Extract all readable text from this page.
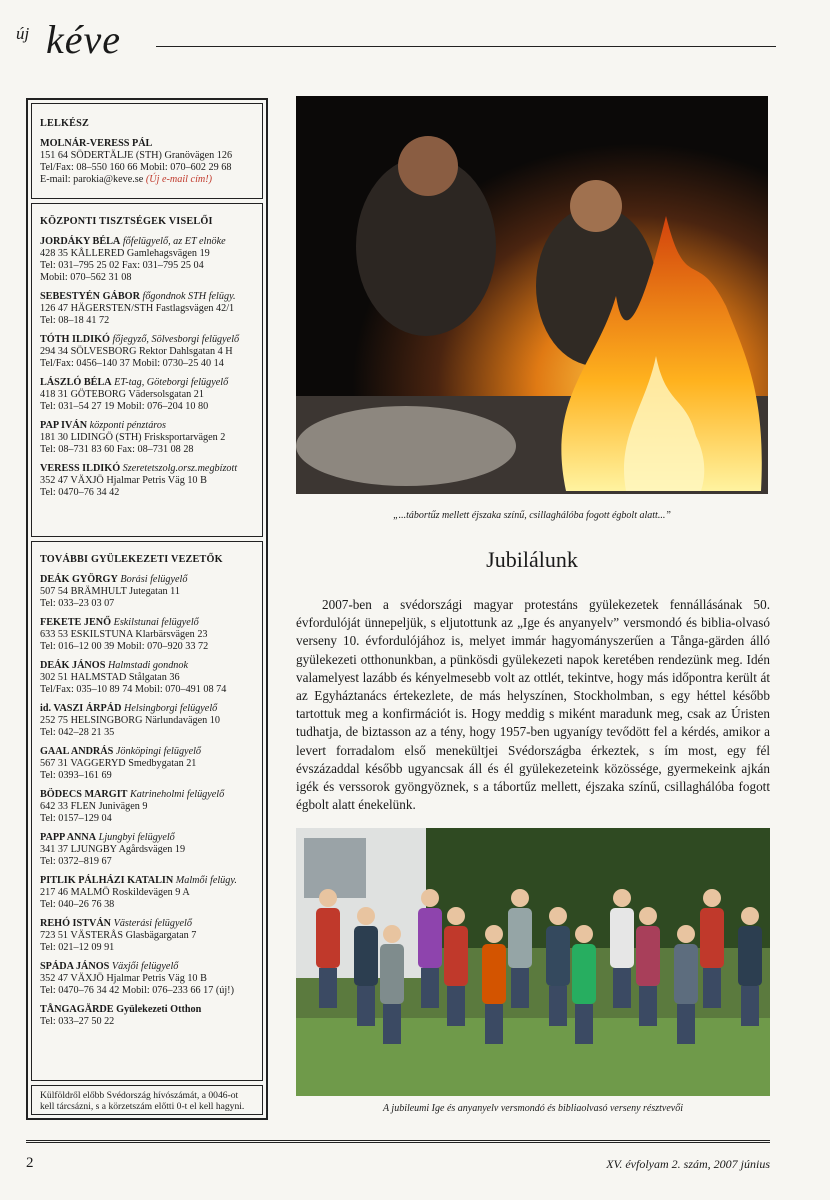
új kéve
LELKÉSZ
MOLNÁR-VERESS PÁL
151 64 SÖDERTÄLJE (STH) Granövägen 126
Tel/Fax: 08–550 160 66 Mobil: 070–602 29 68
E-mail: parokia@keve.se (Új e-mail cím!)
KÖZPONTI TISZTSÉGEK VISELŐI
JORDÁKY BÉLA főfelügyelő, az ET elnöke
428 35 KÅLLERED Gamlehagsvägen 19
Tel: 031–795 25 02 Fax: 031–795 25 04
Mobil: 070–562 31 08
SEBESTYÉN GÁBOR főgondnok STH felügy.
126 47 HÄGERSTEN/STH Fastlagsvägen 42/1
Tel: 08–18 41 72
TÓTH ILDIKÓ főjegyző, Sölvesborgi felügyelő
294 34 SÖLVESBORG Rektor Dahlsgatan 4 H
Tel/Fax: 0456–140 37 Mobil: 0730–25 40 14
LÁSZLÓ BÉLA ET-tag, Göteborgi felügyelő
418 31 GÖTEBORG Vädersolsgatan 21
Tel: 031–54 27 19 Mobil: 076–204 10 80
PAP IVÁN központi pénztáros
181 30 LIDINGÖ (STH) Frisksportarvägen 2
Tel: 08–731 83 60 Fax: 08–731 08 28
VERESS ILDIKÓ Szeretetszolg.orsz.megbízott
352 47 VÄXJÖ Hjalmar Petris Väg 10 B
Tel: 0470–76 34 42
TOVÁBBI GYÜLEKEZETI VEZETŐK
DEÁK GYÖRGY Borási felügyelő
507 54 BRÄMHULT Jutegatan 11
Tel: 033–23 03 07
FEKETE JENŐ Eskilstunai felügyelő
633 53 ESKILSTUNA Klarbärsvägen 23
Tel: 016–12 00 39 Mobil: 070–920 33 72
DEÁK JÁNOS Halmstadi gondnok
302 51 HALMSTAD Stålgatan 36
Tel/Fax: 035–10 89 74 Mobil: 070–491 08 74
id. VASZI ÁRPÁD Helsingborgi felügyelő
252 75 HELSINGBORG Närlundavägen 10
Tel: 042–28 21 35
GAAL ANDRÁS Jönköpingi felügyelő
567 31 VAGGERYD Smedbygatan 21
Tel: 0393–161 69
BÖDECS MARGIT Katrineholmi felügyelő
642 33 FLEN Junivägen 9
Tel: 0157–129 04
PAPP ANNA Ljungbyi felügyelő
341 37 LJUNGBY Agårdsvägen 19
Tel: 0372–819 67
PITLIK PÁLHÁZI KATALIN Malmői felügy.
217 46 MALMÖ Roskildevägen 9 A
Tel: 040–26 76 38
REHÓ ISTVÁN Västerási felügyelő
723 51 VÄSTERÅS Glasbägargatan 7
Tel: 021–12 09 91
SPÁDA JÁNOS Växjői felügyelő
352 47 VÄXJÖ Hjalmar Petris Väg 10 B
Tel: 0470–76 34 42 Mobil: 076–233 66 17 (új!)
TÅNGAGÄRDE Gyülekezeti Otthon
Tel: 033–27 50 22
Külföldről előbb Svédország hívószámát, a 0046-ot kell tárcsázni, s a körzetszám előtti 0-t el kell hagyni.
„...tábortűz mellett éjszaka színű, csillaghálóba fogott égbolt alatt...”
Jubilálunk

2007-ben a svédországi magyar protestáns gyülekezetek fennállásának 50. évfordulóját ünnepeljük, s eljutottunk az „Ige és anyanyelv” versmondó és biblia-olvasó verseny 10. évfordulójához is, melyet immár hagyományszerűen a Tånga-gärden álló gyülekezeti otthonunkban, a pünkösdi gyülekezeti napok keretében rendezünk meg. Idén valamelyest lazább és kényelmesebb volt az ottlét, tekintve, hogy más időpontra került át az Egyháztanács értekezlete, de más helyszínen, Stockholmban, s egy héttel később tartottuk meg a konfirmációt is. Hogy meddig s miként maradunk meg, csak az Úristen tudhatja, de biztasson az a tény, hogy 1957-ben ugyanígy tevődött fel a kérdés, amikor a levert forradalom első menekültjei Svédországba érkeztek, s ím most, egy fél évszázaddal később ugyancsak áll és él gyülekezeteink közössége, gyermekeink ajkán igék és verssorok gyöngyöznek, s a tábortűz mellett, éjszaka színű, csillaghálóba fogott égbolt alatt énekelünk.

A jubileumi Ige és anyanyelv versmondó és bibliaolvasó verseny résztvevői
2	XV. évfolyam 2. szám, 2007 június
